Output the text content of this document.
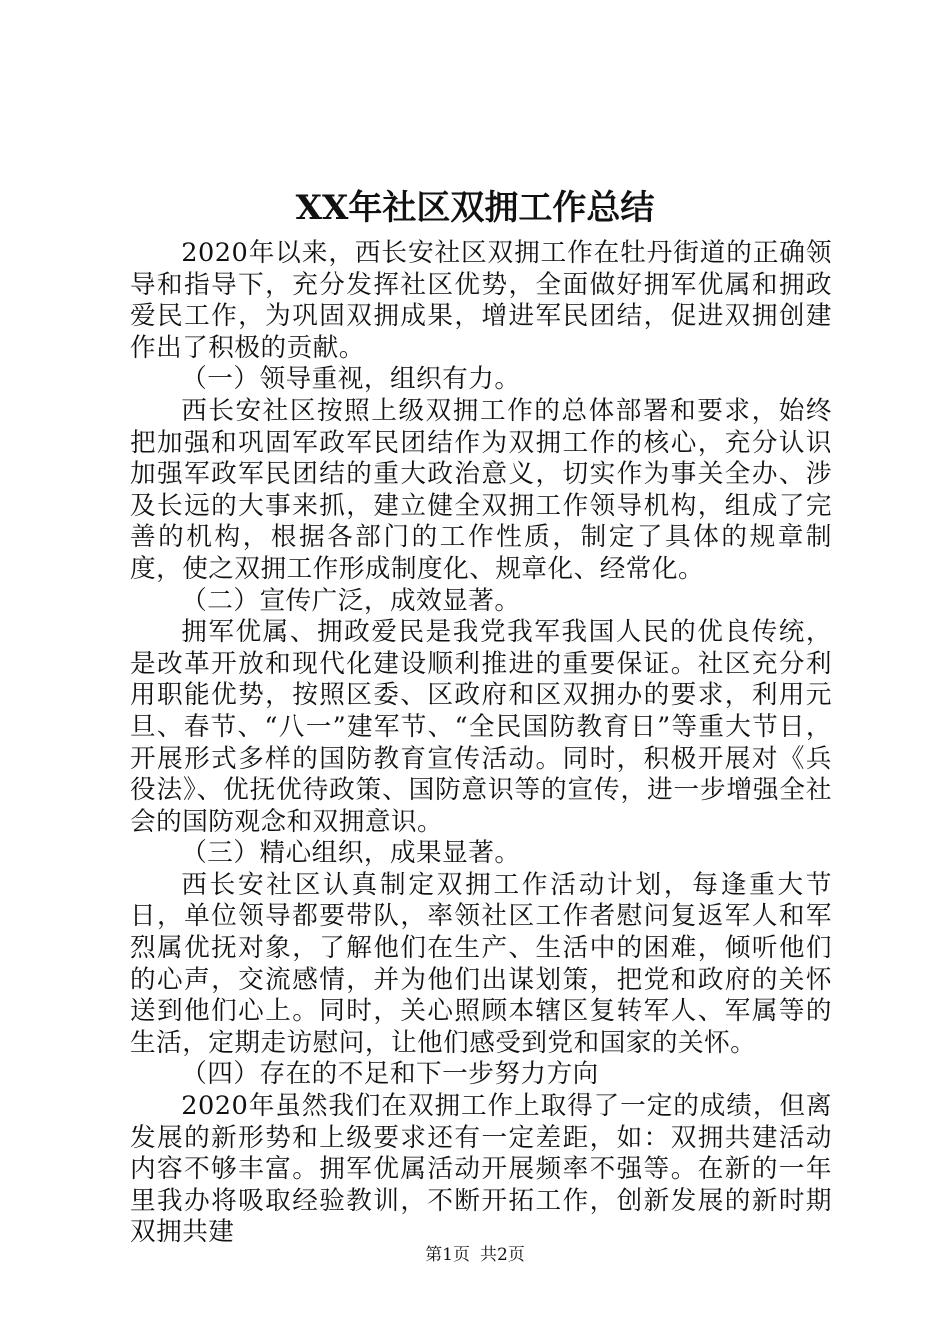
XX年社区双拥工作总结

2020年以来，西长安社区双拥工作在牡丹街道的正确领导和指导下，充分发挥社区优势，全面做好拥军优属和拥政爱民工作，为巩固双拥成果，增进军民团结，促进双拥创建作出了积极的贡献。

（一）领导重视，组织有力。

西长安社区按照上级双拥工作的总体部署和要求，始终把加强和巩固军政军民团结作为双拥工作的核心，充分认识加强军政军民团结的重大政治意义，切实作为事关全办、涉及长远的大事来抓，建立健全双拥工作领导机构，组成了完善的机构，根据各部门的工作性质，制定了具体的规章制度，使之双拥工作形成制度化、规章化、经常化。

（二）宣传广泛，成效显著。

拥军优属、拥政爱民是我党我军我国人民的优良传统，是改革开放和现代化建设顺利推进的重要保证。社区充分利用职能优势，按照区委、区政府和区双拥办的要求，利用元旦、春节、“八一”建军节、“全民国防教育日”等重大节日，开展形式多样的国防教育宣传活动。同时，积极开展对《兵役法》、优抚优待政策、国防意识等的宣传，进一步增强全社会的国防观念和双拥意识。

（三）精心组织，成果显著。

西长安社区认真制定双拥工作活动计划，每逢重大节日，单位领导都要带队，率领社区工作者慰问复返军人和军烈属优抚对象，了解他们在生产、生活中的困难，倾听他们的心声，交流感情，并为他们出谋划策，把党和政府的关怀送到他们心上。同时，关心照顾本辖区复转军人、军属等的生活，定期走访慰问，让他们感受到党和国家的关怀。

（四）存在的不足和下一步努力方向

2020年虽然我们在双拥工作上取得了一定的成绩，但离发展的新形势和上级要求还有一定差距，如：双拥共建活动内容不够丰富。拥军优属活动开展频率不强等。在新的一年里我办将吸取经验教训，不断开拓工作，创新发展的新时期双拥共建

第1页 共2页
